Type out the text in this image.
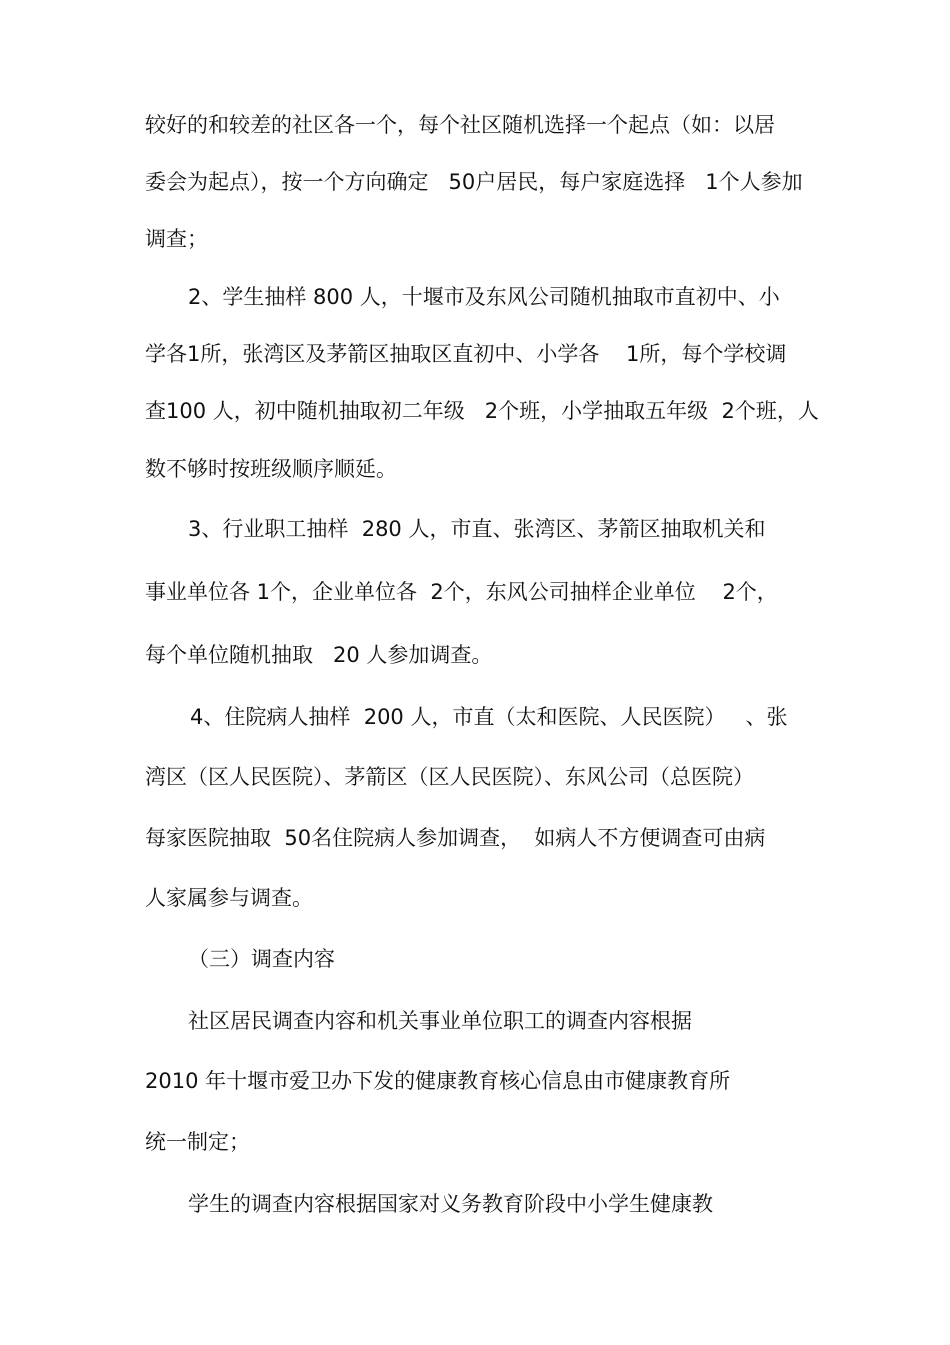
较好的和较差的社区各一个，每个社区随机选择一个起点（如：以居
委会为起点），按一个方向确定   50户居民，每户家庭选择   1个人参加
调查；
2、学生抽样 800 人，十堰市及东风公司随机抽取市直初中、小
学各1所，张湾区及茅箭区抽取区直初中、小学各    1所，每个学校调
查100 人，初中随机抽取初二年级   2个班，小学抽取五年级  2个班，人
数不够时按班级顺序顺延。
3、行业职工抽样  280 人，市直、张湾区、茅箭区抽取机关和
事业单位各 1个，企业单位各  2个，东风公司抽样企业单位    2个，
每个单位随机抽取   20 人参加调查。
4、住院病人抽样  200 人，市直（太和医院、人民医院）   、张
湾区（区人民医院）、茅箭区（区人民医院）、东风公司（总医院）
每家医院抽取  50名住院病人参加调查，  如病人不方便调查可由病
人家属参与调查。
（三）调查内容
社区居民调查内容和机关事业单位职工的调查内容根据
2010 年十堰市爱卫办下发的健康教育核心信息由市健康教育所
统一制定；
学生的调查内容根据国家对义务教育阶段中小学生健康教
